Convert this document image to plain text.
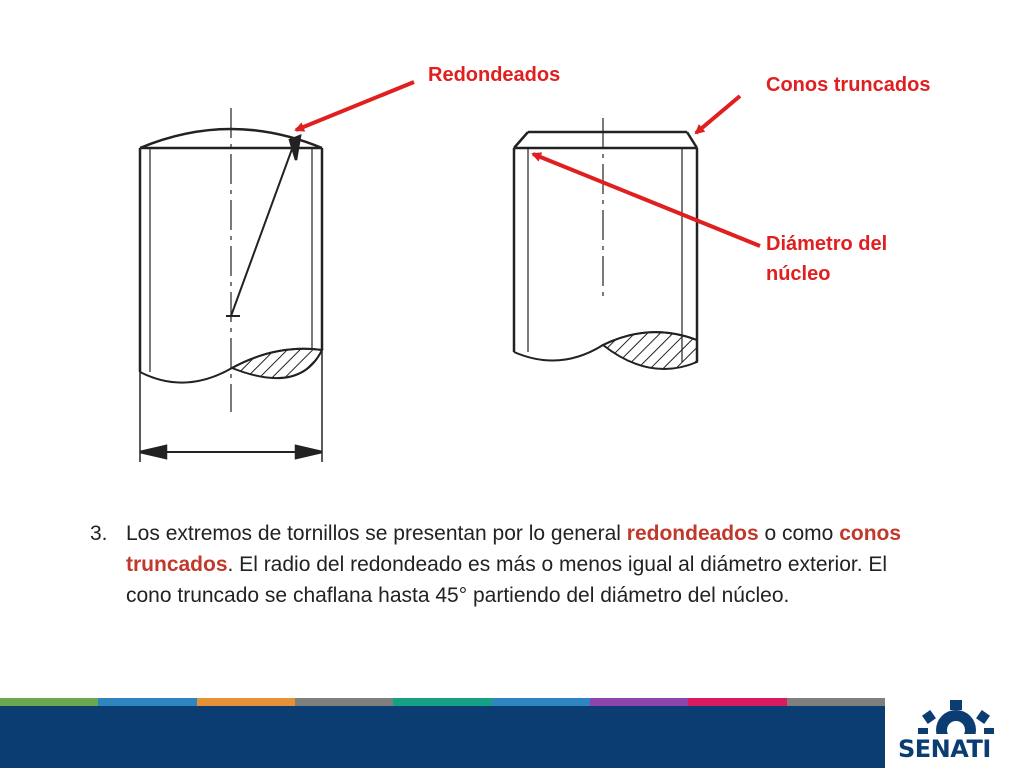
Redondeados	Conos truncados
Diámetro del
núcleo
3. Los extremos de tornillos se presentan por lo general redondeados o como conos truncados. El radio del redondeado es más o menos igual al diámetro exterior. El cono truncado se chaflana hasta 45° partiendo del diámetro del núcleo.
SENATI
